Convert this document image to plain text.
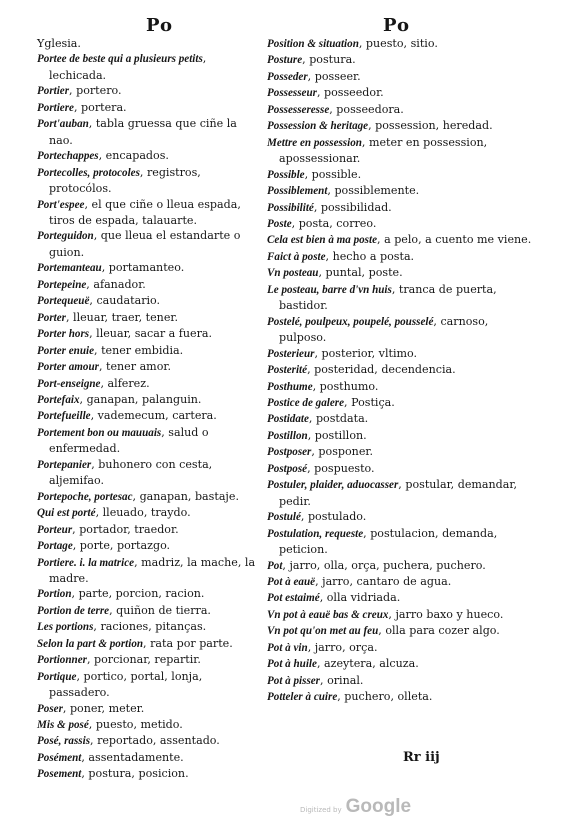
Po	Po

Yglesia.

Portee de beste qui a plusieurs petits, lechicada.

Portier, portero.

Portiere, portera.

Port'auban, tabla gruessa que ciñe la nao.

Portechappes, encapados.

Portecolles, protocoles, registros, protocólos.

Port'espee, el que ciñe o lleua espada, tiros de espada, talauarte.

Porteguidon, que lleua el estandarte o guion.

Portemanteau, portamanteo.

Portepeine, afanador.

Portequeuë, caudatario.

Porter, lleuar, traer, tener.

Porter hors, lleuar, sacar a fuera.

Porter enuie, tener embidia.

Porter amour, tener amor.

Port-enseigne, alferez.

Portefaix, ganapan, palanguin.

Portefueille, vademecum, cartera.

Portement bon ou mauuais, salud o enfermedad.

Portepanier, buhonero con cesta, aljemifao.

Portepoche, portesac, ganapan, bastaje.

Qui est porté, lleuado, traydo.

Porteur, portador, traedor.

Portage, porte, portazgo.

Portiere. i. la matrice, madriz, la mache, la madre.

Portion, parte, porcion, racion.

Portion de terre, quiñon de tierra.

Les portions, raciones, pitanças.

Selon la part & portion, rata por parte.

Portionner, porcionar, repartir.

Portique, portico, portal, lonja, passadero.

Poser, poner, meter.

Mis & posé, puesto, metido.

Posé, rassis, reportado, assentado.

Posément, assentadamente.

Posement, postura, posicion.

Position & situation, puesto, sitio.

Posture, postura.

Posseder, posseer.

Possesseur, posseedor.

Possesseresse, posseedora.

Possession & heritage, possession, heredad.

Mettre en possession, meter en possession, apossessionar.

Possible, possible.

Possiblement, possiblemente.

Possibilité, possibilidad.

Poste, posta, correo.

Cela est bien à ma poste, a pelo, a cuento me viene.

Faict à poste, hecho a posta.

Vn posteau, puntal, poste.

Le posteau, barre d'vn huis, tranca de puerta, bastidor.

Postelé, poulpeux, poupelé, pousselé, carnoso, pulposo.

Posterieur, posterior, vltimo.

Posterité, posteridad, decendencia.

Posthume, posthumo.

Postice de galere, Postiça.

Postidate, postdata.

Postillon, postillon.

Postposer, posponer.

Postposé, pospuesto.

Postuler, plaider, aduocasser, postular, demandar, pedir.

Postulé, postulado.

Postulation, requeste, postulacion, demanda, peticion.

Pot, jarro, olla, orça, puchera, puchero.

Pot à eauë, jarro, cantaro de agua.

Pot estaimé, olla vidriada.

Vn pot à eauë bas & creux, jarro baxo y hueco.

Vn pot qu'on met au feu, olla para cozer algo.

Pot à vin, jarro, orça.

Pot à huile, azeytera, alcuza.

Pot à pisser, orinal.

Potteler à cuire, puchero, olleta.

Rr iij
Digitized by Google
